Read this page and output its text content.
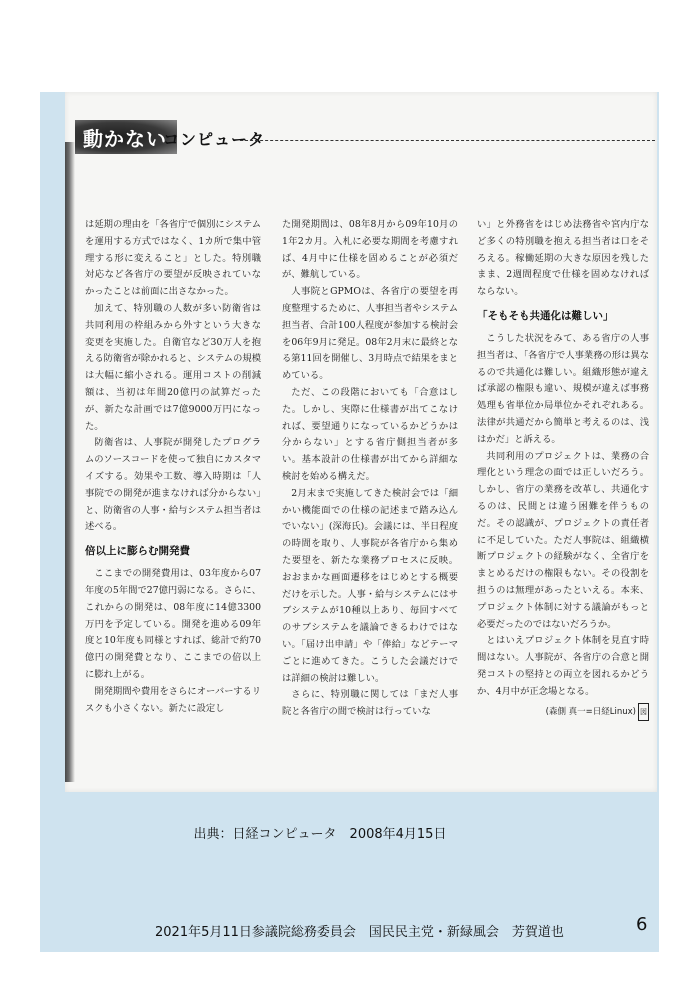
動かない
コンピュータ

は延期の理由を「各省庁で個別にシステムを運用する方式ではなく、1カ所で集中管理する形に変えること」とした。特別職対応など各省庁の要望が反映されていなかったことは前面に出さなかった。

加えて、特別職の人数が多い防衛省は共同利用の枠組みから外すという大きな変更を実施した。自衛官など30万人を抱える防衛省が除かれると、システムの規模は大幅に縮小される。運用コストの削減額は、当初は年間20億円の試算だったが、新たな計画では7億9000万円になった。

防衛省は、人事院が開発したプログラムのソースコードを使って独自にカスタマイズする。効果や工数、導入時期は「人事院での開発が進まなければ分からない」と、防衛省の人事・給与システム担当者は述べる。

倍以上に膨らむ開発費

ここまでの開発費用は、03年度から07年度の5年間で27億円弱になる。さらに、これからの開発は、08年度に14億3300万円を予定している。開発を進める09年度と10年度も同様とすれば、総計で約70億円の開発費となり、ここまでの倍以上に膨れ上がる。

開発期間や費用をさらにオーバーするリスクも小さくない。新たに設定し

た開発期間は、08年8月から09年10月の1年2カ月。入札に必要な期間を考慮すれば、4月中に仕様を固めることが必須だが、難航している。

人事院とGPMOは、各省庁の要望を再度整理するために、人事担当者やシステム担当者、合計100人程度が参加する検討会を06年9月に発足。08年2月末に最終となる第11回を開催し、3月時点で結果をまとめている。

ただ、この段階においても「合意はした。しかし、実際に仕様書が出てこなければ、要望通りになっているかどうかは分からない」とする省庁側担当者が多い。基本設計の仕様書が出てから詳細な検討を始める構えだ。

2月末まで実施してきた検討会では「細かい機能面での仕様の記述まで踏み込んでいない」(深海氏)。会議には、半日程度の時間を取り、人事院が各省庁から集めた要望を、新たな業務プロセスに反映。おおまかな画面遷移をはじめとする概要だけを示した。人事・給与システムにはサブシステムが10種以上あり、毎回すべてのサブシステムを議論できるわけではない。「届け出申請」や「俸給」などテーマごとに進めてきた。こうした会議だけでは詳細の検討は難しい。

さらに、特別職に関しては「まだ人事院と各省庁の間で検討は行っていな

い」と外務省をはじめ法務省や宮内庁など多くの特別職を抱える担当者は口をそろえる。稼働延期の大きな原因を残したまま、2週間程度で仕様を固めなければならない。

「そもそも共通化は難しい」

こうした状況をみて、ある省庁の人事担当者は、「各省庁で人事業務の形は異なるので共通化は難しい。組織形態が違えば承認の権限も違い、規模が違えば事務処理も省単位か局単位かそれぞれある。法律が共通だから簡単と考えるのは、浅はかだ」と訴える。

共同利用のプロジェクトは、業務の合理化という理念の面では正しいだろう。しかし、省庁の業務を改革し、共通化するのは、民間とは違う困難を伴うものだ。その認識が、プロジェクトの責任者に不足していた。ただ人事院は、組織横断プロジェクトの経験がなく、全省庁をまとめるだけの権限もない。その役割を担うのは無理があったといえる。本来、プロジェクト体制に対する議論がもっと必要だったのではないだろうか。

とはいえプロジェクト体制を見直す時間はない。人事院が、各省庁の合意と開発コストの堅持との両立を図れるかどうか、4月中が正念場となる。

(森側 真一=日経Linux) 図
出典：日経コンピュータ　2008年4月15日
2021年5月11日参議院総務委員会　国民民主党・新緑風会　芳賀道也	6
